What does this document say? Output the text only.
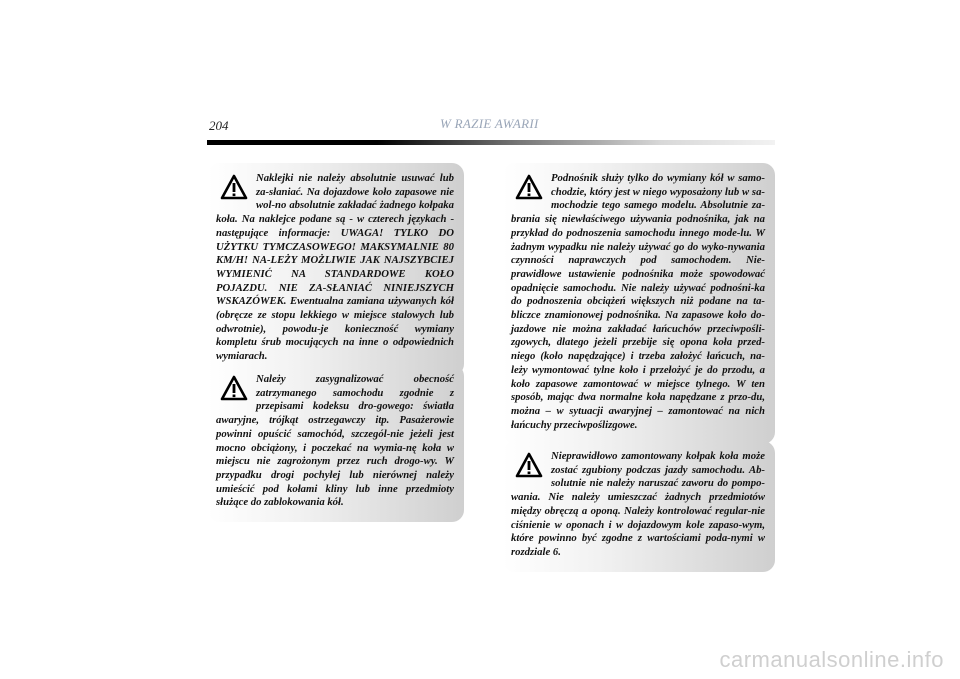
204	W RAZIE AWARII

Naklejki nie należy absolutnie usuwać lub za-słaniać. Na dojazdowe koło zapasowe nie wol-no absolutnie zakładać żadnego kołpaka koła. Na naklejce podane są - w czterech językach - następujące informacje: UWAGA! TYLKO DO UŻYTKU TYMCZASOWEGO! MAKSYMALNIE 80 KM/H! NA-LEŻY MOŻLIWIE JAK NAJSZYBCIEJ WYMIENIĆ NA STANDARDOWE KOŁO POJAZDU. NIE ZA-SŁANIAĆ NINIEJSZYCH WSKAZÓWEK. Ewentualna zamiana używanych kół (obręcze ze stopu lekkiego w miejsce stalowych lub odwrotnie), powodu-je konieczność wymiany kompletu śrub mocujących na inne o odpowiednich wymiarach.

Należy zasygnalizować obecność zatrzymanego samochodu zgodnie z przepisami kodeksu dro-gowego: światła awaryjne, trójkąt ostrzegawczy itp. Pasażerowie powinni opuścić samochód, szczegól-nie jeżeli jest mocno obciążony, i poczekać na wymia-nę koła w miejscu nie zagrożonym przez ruch drogo-wy. W przypadku drogi pochyłej lub nierównej należy umieścić pod kołami kliny lub inne przedmioty służące do zablokowania kół.

Podnośnik służy tylko do wymiany kół w samo-chodzie, który jest w niego wyposażony lub w sa-mochodzie tego samego modelu. Absolutnie za-brania się niewłaściwego używania podnośnika, jak na przykład do podnoszenia samochodu innego mode-lu. W żadnym wypadku nie należy używać go do wyko-nywania czynności naprawczych pod samochodem. Nie-prawidłowe ustawienie podnośnika może spowodować opadnięcie samochodu. Nie należy używać podnośni-ka do podnoszenia obciążeń większych niż podane na ta-bliczce znamionowej podnośnika. Na zapasowe koło do-jazdowe nie można zakładać łańcuchów przeciwpośli-zgowych, dlatego jeżeli przebije się opona koła przed-niego (koło napędzające) i trzeba założyć łańcuch, na-leży wymontować tylne koło i przełożyć je do przodu, a koło zapasowe zamontować w miejsce tylnego. W ten sposób, mając dwa normalne koła napędzane z przo-du, można – w sytuacji awaryjnej – zamontować na nich łańcuchy przeciwpoślizgowe.

Nieprawidłowo zamontowany kołpak koła może zostać zgubiony podczas jazdy samochodu. Ab-solutnie nie należy naruszać zaworu do pompo-wania. Nie należy umieszczać żadnych przedmiotów między obręczą a oponą. Należy kontrolować regular-nie ciśnienie w oponach i w dojazdowym kole zapaso-wym, które powinno być zgodne z wartościami poda-nymi w rozdziale 6.

carmanualsonline.info
